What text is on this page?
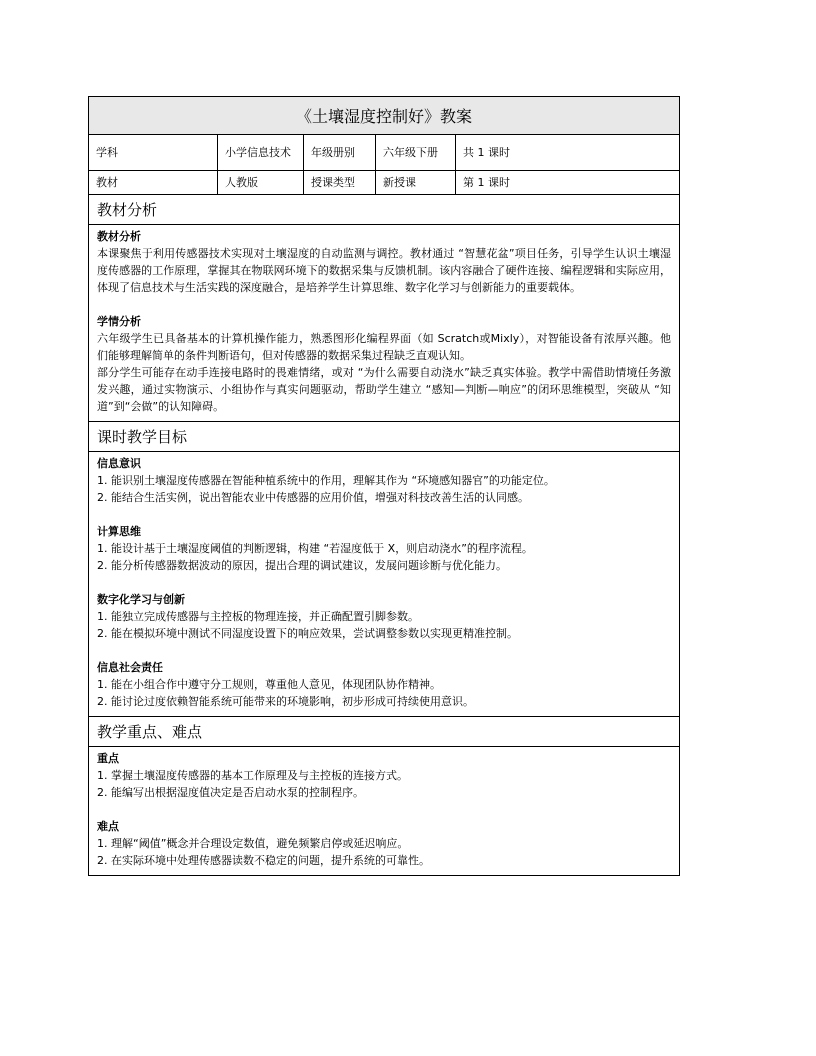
《土壤湿度控制好》教案
学科	小学信息技术	年级册别	六年级下册	共 1 课时
教材	人教版	授课类型	新授课	第 1 课时
教材分析
教材分析
本课聚焦于利用传感器技术实现对土壤湿度的自动监测与调控。教材通过 “智慧花盆”项目任务，引导学生认识土壤湿度传感器的工作原理，掌握其在物联网环境下的数据采集与反馈机制。该内容融合了硬件连接、编程逻辑和实际应用，体现了信息技术与生活实践的深度融合，是培养学生计算思维、数字化学习与创新能力的重要载体。
学情分析
六年级学生已具备基本的计算机操作能力，熟悉图形化编程界面（如 Scratch或Mixly），对智能设备有浓厚兴趣。他们能够理解简单的条件判断语句，但对传感器的数据采集过程缺乏直观认知。
部分学生可能存在动手连接电路时的畏难情绪，或对 “为什么需要自动浇水”缺乏真实体验。教学中需借助情境任务激发兴趣，通过实物演示、小组协作与真实问题驱动，帮助学生建立 “感知—判断—响应”的闭环思维模型，突破从 “知道”到“会做”的认知障碍。
课时教学目标
信息意识
1. 能识别土壤湿度传感器在智能种植系统中的作用，理解其作为 “环境感知器官”的功能定位。
2. 能结合生活实例，说出智能农业中传感器的应用价值，增强对科技改善生活的认同感。
计算思维
1. 能设计基于土壤湿度阈值的判断逻辑，构建 “若湿度低于 X，则启动浇水”的程序流程。
2. 能分析传感器数据波动的原因，提出合理的调试建议，发展问题诊断与优化能力。
数字化学习与创新
1. 能独立完成传感器与主控板的物理连接，并正确配置引脚参数。
2. 能在模拟环境中测试不同湿度设置下的响应效果，尝试调整参数以实现更精准控制。
信息社会责任
1. 能在小组合作中遵守分工规则，尊重他人意见，体现团队协作精神。
2. 能讨论过度依赖智能系统可能带来的环境影响，初步形成可持续使用意识。
教学重点、难点
重点
1. 掌握土壤湿度传感器的基本工作原理及与主控板的连接方式。
2. 能编写出根据湿度值决定是否启动水泵的控制程序。
难点
1. 理解“阈值”概念并合理设定数值，避免频繁启停或延迟响应。
2. 在实际环境中处理传感器读数不稳定的问题，提升系统的可靠性。
